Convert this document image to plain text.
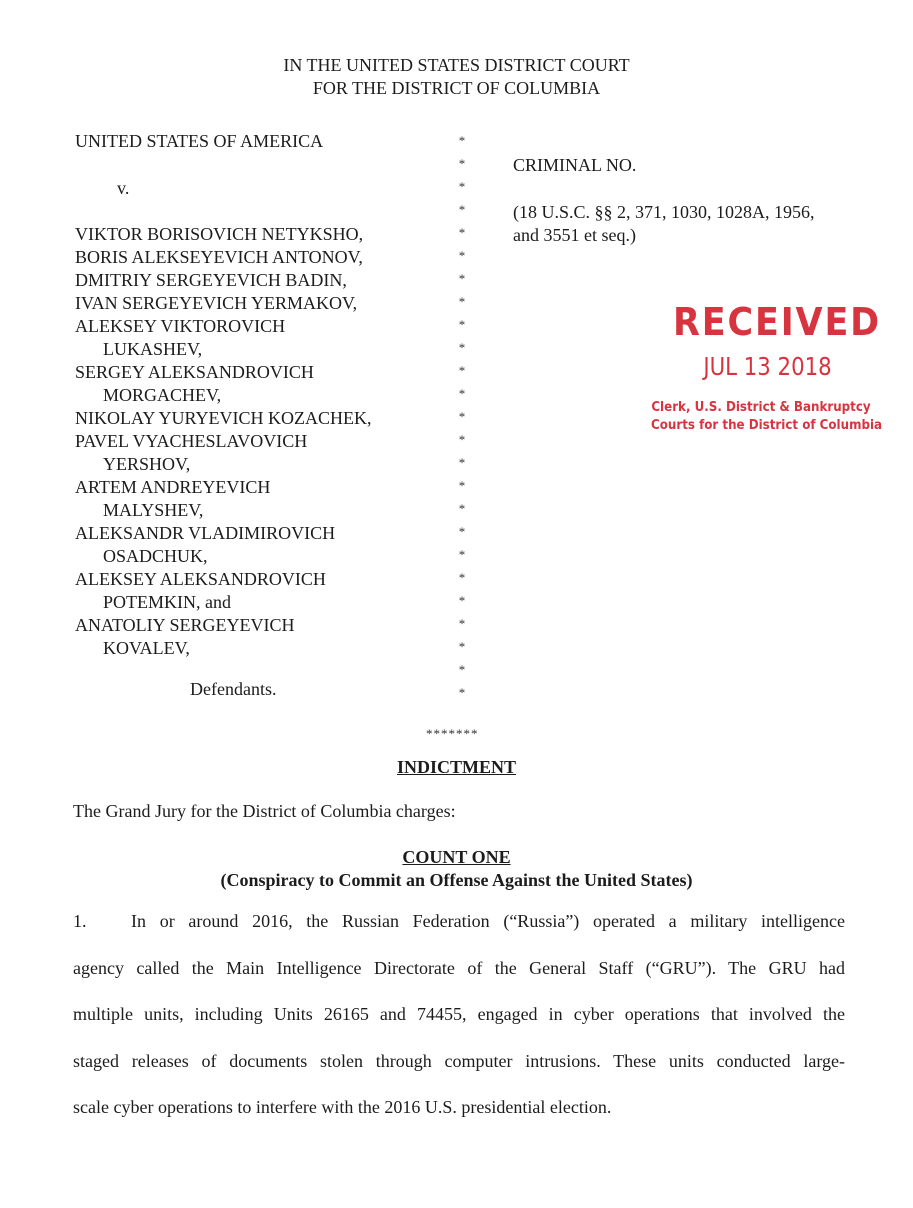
IN THE UNITED STATES DISTRICT COURT
FOR THE DISTRICT OF COLUMBIA
UNITED STATES OF AMERICA
v.
VIKTOR BORISOVICH NETYKSHO,
BORIS ALEKSEYEVICH ANTONOV,
DMITRIY SERGEYEVICH BADIN,
IVAN SERGEYEVICH YERMAKOV,
ALEKSEY VIKTOROVICH
LUKASHEV,
SERGEY ALEKSANDROVICH
MORGACHEV,
NIKOLAY YURYEVICH KOZACHEK,
PAVEL VYACHESLAVOVICH
YERSHOV,
ARTEM ANDREYEVICH
MALYSHEV,
ALEKSANDR VLADIMIROVICH
OSADCHUK,
ALEKSEY ALEKSANDROVICH
POTEMKIN, and
ANATOLIY SERGEYEVICH
KOVALEV,
Defendants.
*
*
*
*
*
*
*
*
*
*
*
*
*
*
*
*
*
*
*
*
*
*
*
*
*
*******
CRIMINAL NO.
(18 U.S.C. §§ 2, 371, 1030, 1028A, 1956,
and 3551 et seq.)
RECEIVED
JUL 13 2018
Clerk, U.S. District & Bankruptcy
Courts for the District of Columbia
INDICTMENT
The Grand Jury for the District of Columbia charges:
COUNT ONE
(Conspiracy to Commit an Offense Against the United States)
1. In or around 2016, the Russian Federation (“Russia”) operated a military intelligence
agency called the Main Intelligence Directorate of the General Staff (“GRU”). The GRU had
multiple units, including Units 26165 and 74455, engaged in cyber operations that involved the
staged releases of documents stolen through computer intrusions. These units conducted large-
scale cyber operations to interfere with the 2016 U.S. presidential election.
